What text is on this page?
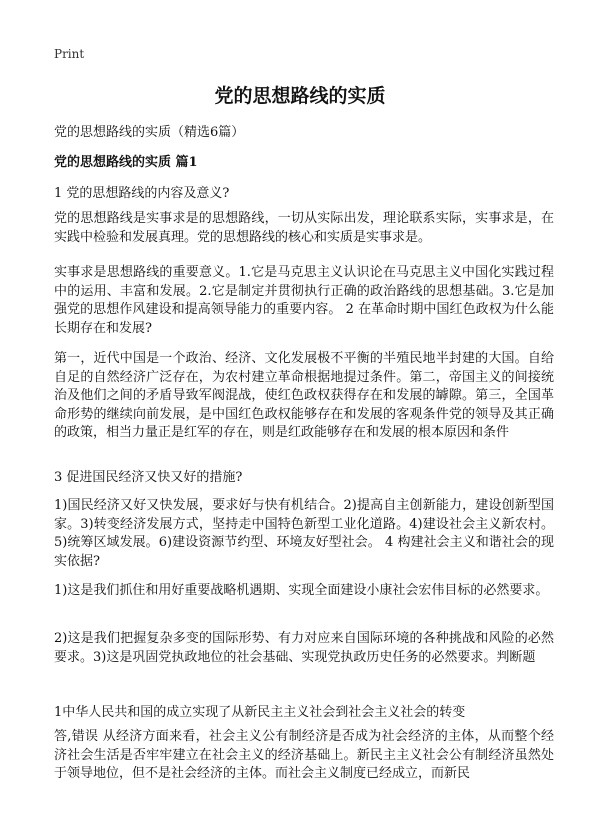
Print
党的思想路线的实质
党的思想路线的实质（精选6篇）
党的思想路线的实质 篇1
1 党的思想路线的内容及意义?
党的思想路线是实事求是的思想路线，一切从实际出发，理论联系实际，实事求是，在实践中检验和发展真理。党的思想路线的核心和实质是实事求是。
实事求是思想路线的重要意义。1.它是马克思主义认识论在马克思主义中国化实践过程中的运用、丰富和发展。2.它是制定并贯彻执行正确的政治路线的思想基础。3.它是加强党的思想作风建设和提高领导能力的重要内容。 2 在革命时期中国红色政权为什么能长期存在和发展?
第一，近代中国是一个政治、经济、文化发展极不平衡的半殖民地半封建的大国。自给自足的自然经济广泛存在，为农村建立革命根据地提过条件。第二，帝国主义的间接统治及他们之间的矛盾导致军阀混战，使红色政权获得存在和发展的罅隙。第三，全国革命形势的继续向前发展，是中国红色政权能够存在和发展的客观条件党的领导及其正确的政策，相当力量正是红军的存在，则是红政能够存在和发展的根本原因和条件
3 促进国民经济又快又好的措施?
1)国民经济又好又快发展，要求好与快有机结合。2)提高自主创新能力，建设创新型国家。3)转变经济发展方式，坚持走中国特色新型工业化道路。4)建设社会主义新农村。5)统筹区域发展。6)建设资源节约型、环境友好型社会。 4 构建社会主义和谐社会的现实依据?
1)这是我们抓住和用好重要战略机遇期、实现全面建设小康社会宏伟目标的必然要求。
2)这是我们把握复杂多变的国际形势、有力对应来自国际环境的各种挑战和风险的必然要求。3)这是巩固党执政地位的社会基础、实现党执政历史任务的必然要求。判断题
1中华人民共和国的成立实现了从新民主主义社会到社会主义社会的转变
答,错误 从经济方面来看，社会主义公有制经济是否成为社会经济的主体，从而整个经济社会生活是否牢牢建立在社会主义的经济基础上。新民主主义社会公有制经济虽然处于领导地位，但不是社会经济的主体。而社会主义制度已经成立，而新民
